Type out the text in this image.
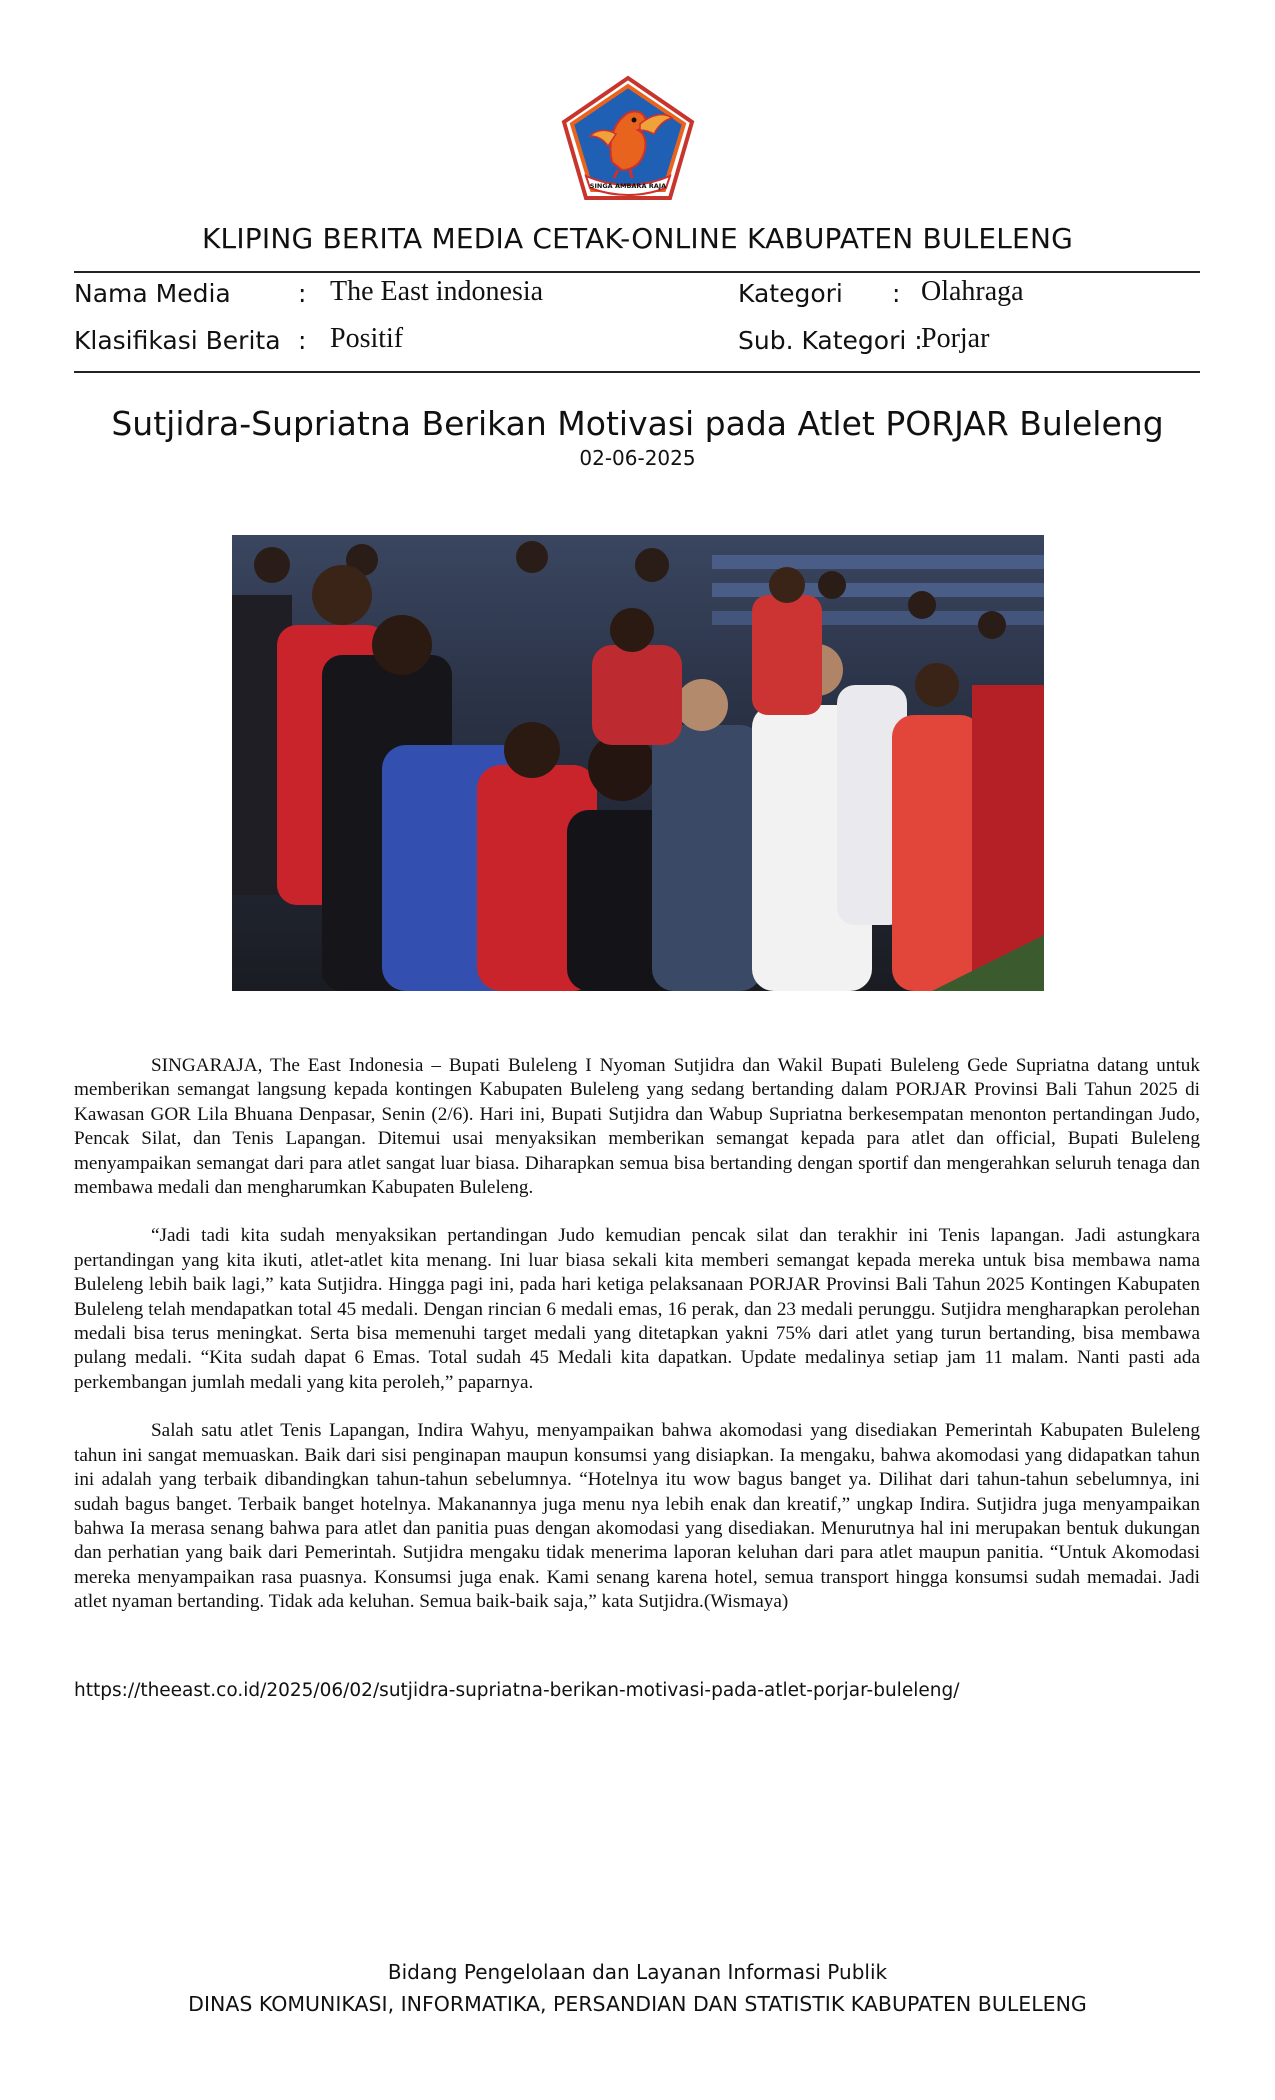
SINGA AMBARA RAJA
KLIPING BERITA MEDIA CETAK-ONLINE KABUPATEN BULELENG
Nama Media	: The East indonesia
Klasifikasi Berita : Positif
Kategori : Olahraga
Sub. Kategori :
Porjar
Sutjidra-Supriatna Berikan Motivasi pada Atlet PORJAR Buleleng
02-06-2025

SINGARAJA, The East Indonesia – Bupati Buleleng I Nyoman Sutjidra dan Wakil Bupati Buleleng Gede Supriatna datang untuk memberikan semangat langsung kepada kontingen Kabupaten Buleleng yang sedang bertanding dalam PORJAR Provinsi Bali Tahun 2025 di Kawasan GOR Lila Bhuana Denpasar, Senin (2/6). Hari ini, Bupati Sutjidra dan Wabup Supriatna berkesempatan menonton pertandingan Judo, Pencak Silat, dan Tenis Lapangan. Ditemui usai menyaksikan memberikan semangat kepada para atlet dan official, Bupati Buleleng menyampaikan semangat dari para atlet sangat luar biasa. Diharapkan semua bisa bertanding dengan sportif dan mengerahkan seluruh tenaga dan membawa medali dan mengharumkan Kabupaten Buleleng.

“Jadi tadi kita sudah menyaksikan pertandingan Judo kemudian pencak silat dan terakhir ini Tenis lapangan. Jadi astungkara pertandingan yang kita ikuti, atlet-atlet kita menang. Ini luar biasa sekali kita memberi semangat kepada mereka untuk bisa membawa nama Buleleng lebih baik lagi,” kata Sutjidra. Hingga pagi ini, pada hari ketiga pelaksanaan PORJAR Provinsi Bali Tahun 2025 Kontingen Kabupaten Buleleng telah mendapatkan total 45 medali. Dengan rincian 6 medali emas, 16 perak, dan 23 medali perunggu. Sutjidra mengharapkan perolehan medali bisa terus meningkat. Serta bisa memenuhi target medali yang ditetapkan yakni 75% dari atlet yang turun bertanding, bisa membawa pulang medali. “Kita sudah dapat 6 Emas. Total sudah 45 Medali kita dapatkan. Update medalinya setiap jam 11 malam. Nanti pasti ada perkembangan jumlah medali yang kita peroleh,” paparnya.

Salah satu atlet Tenis Lapangan, Indira Wahyu, menyampaikan bahwa akomodasi yang disediakan Pemerintah Kabupaten Buleleng tahun ini sangat memuaskan. Baik dari sisi penginapan maupun konsumsi yang disiapkan. Ia mengaku, bahwa akomodasi yang didapatkan tahun ini adalah yang terbaik dibandingkan tahun-tahun sebelumnya. “Hotelnya itu wow bagus banget ya. Dilihat dari tahun-tahun sebelumnya, ini sudah bagus banget. Terbaik banget hotelnya. Makanannya juga menu nya lebih enak dan kreatif,” ungkap Indira. Sutjidra juga menyampaikan bahwa Ia merasa senang bahwa para atlet dan panitia puas dengan akomodasi yang disediakan. Menurutnya hal ini merupakan bentuk dukungan dan perhatian yang baik dari Pemerintah. Sutjidra mengaku tidak menerima laporan keluhan dari para atlet maupun panitia. “Untuk Akomodasi mereka menyampaikan rasa puasnya. Konsumsi juga enak. Kami senang karena hotel, semua transport hingga konsumsi sudah memadai. Jadi atlet nyaman bertanding. Tidak ada keluhan. Semua baik-baik saja,” kata Sutjidra.(Wismaya)

https://theeast.co.id/2025/06/02/sutjidra-supriatna-berikan-motivasi-pada-atlet-porjar-buleleng/
Bidang Pengelolaan dan Layanan Informasi Publik
DINAS KOMUNIKASI, INFORMATIKA, PERSANDIAN DAN STATISTIK KABUPATEN BULELENG
